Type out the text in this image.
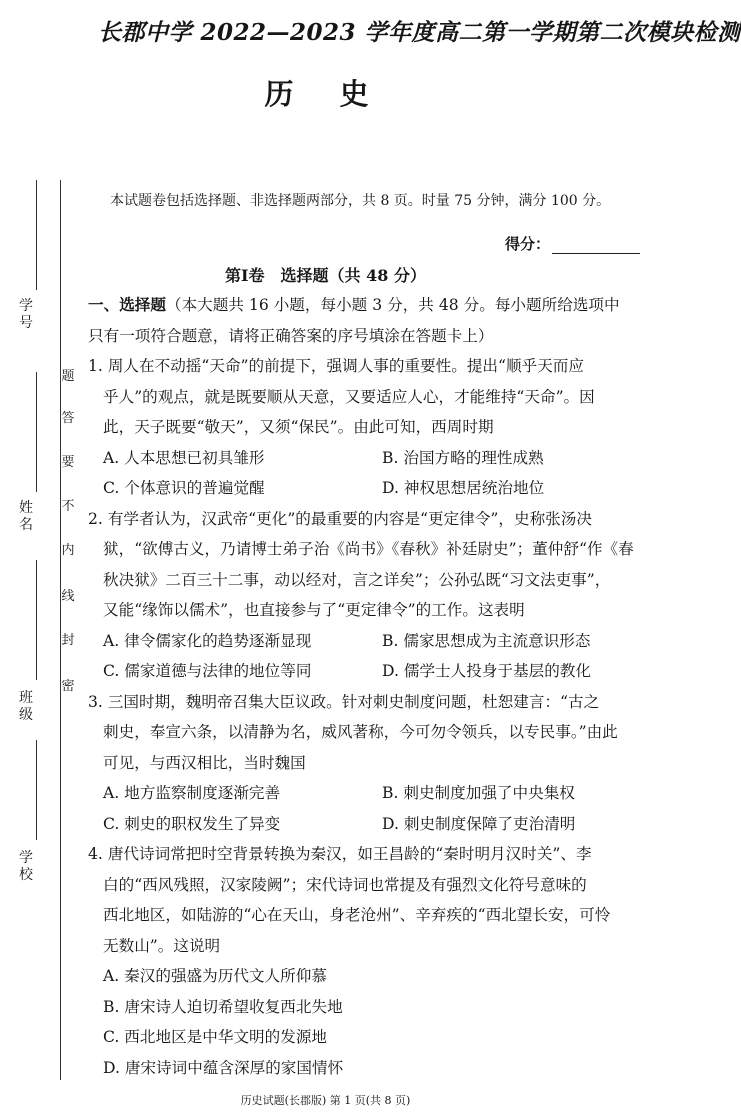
学 号
姓 名
班 级
学 校
题
答
要
不
内
线
封
密
长郡中学 2022—2023 学年度高二第一学期第二次模块检测
历 史
本试题卷包括选择题、非选择题两部分，共 8 页。时量 75 分钟，满分 100 分。
得分：
第Ⅰ卷　选择题（共 48 分）
一、选择题（本大题共 16 小题，每小题 3 分，共 48 分。每小题所给选项中
只有一项符合题意，请将正确答案的序号填涂在答题卡上）
1. 周人在不动摇“天命”的前提下，强调人事的重要性。提出“顺乎天而应
乎人”的观点，就是既要顺从天意，又要适应人心，才能维持“天命”。因
此，天子既要“敬天”，又须“保民”。由此可知，西周时期
A. 人本思想已初具雏形	B. 治国方略的理性成熟
C. 个体意识的普遍觉醒	D. 神权思想居统治地位
2. 有学者认为，汉武帝“更化”的最重要的内容是“更定律令”，史称张汤决
狱，“欲傅古义，乃请博士弟子治《尚书》《春秋》补廷尉史”；董仲舒“作《春
秋决狱》二百三十二事，动以经对，言之详矣”；公孙弘既“习文法吏事”，
又能“缘饰以儒术”，也直接参与了“更定律令”的工作。这表明
A. 律令儒家化的趋势逐渐显现	B. 儒家思想成为主流意识形态
C. 儒家道德与法律的地位等同	D. 儒学士人投身于基层的教化
3. 三国时期，魏明帝召集大臣议政。针对刺史制度问题，杜恕建言：“古之
刺史，奉宣六条，以清静为名，威风著称，今可勿令领兵，以专民事。”由此
可见，与西汉相比，当时魏国
A. 地方监察制度逐渐完善	B. 刺史制度加强了中央集权
C. 刺史的职权发生了异变	D. 刺史制度保障了吏治清明
4. 唐代诗词常把时空背景转换为秦汉，如王昌龄的“秦时明月汉时关”、李
白的“西风残照，汉家陵阙”；宋代诗词也常提及有强烈文化符号意味的
西北地区，如陆游的“心在天山，身老沧州”、辛弃疾的“西北望长安，可怜
无数山”。这说明
A. 秦汉的强盛为历代文人所仰慕
B. 唐宋诗人迫切希望收复西北失地
C. 西北地区是中华文明的发源地
D. 唐宋诗词中蕴含深厚的家国情怀
历史试题(长郡版) 第 1 页(共 8 页)
